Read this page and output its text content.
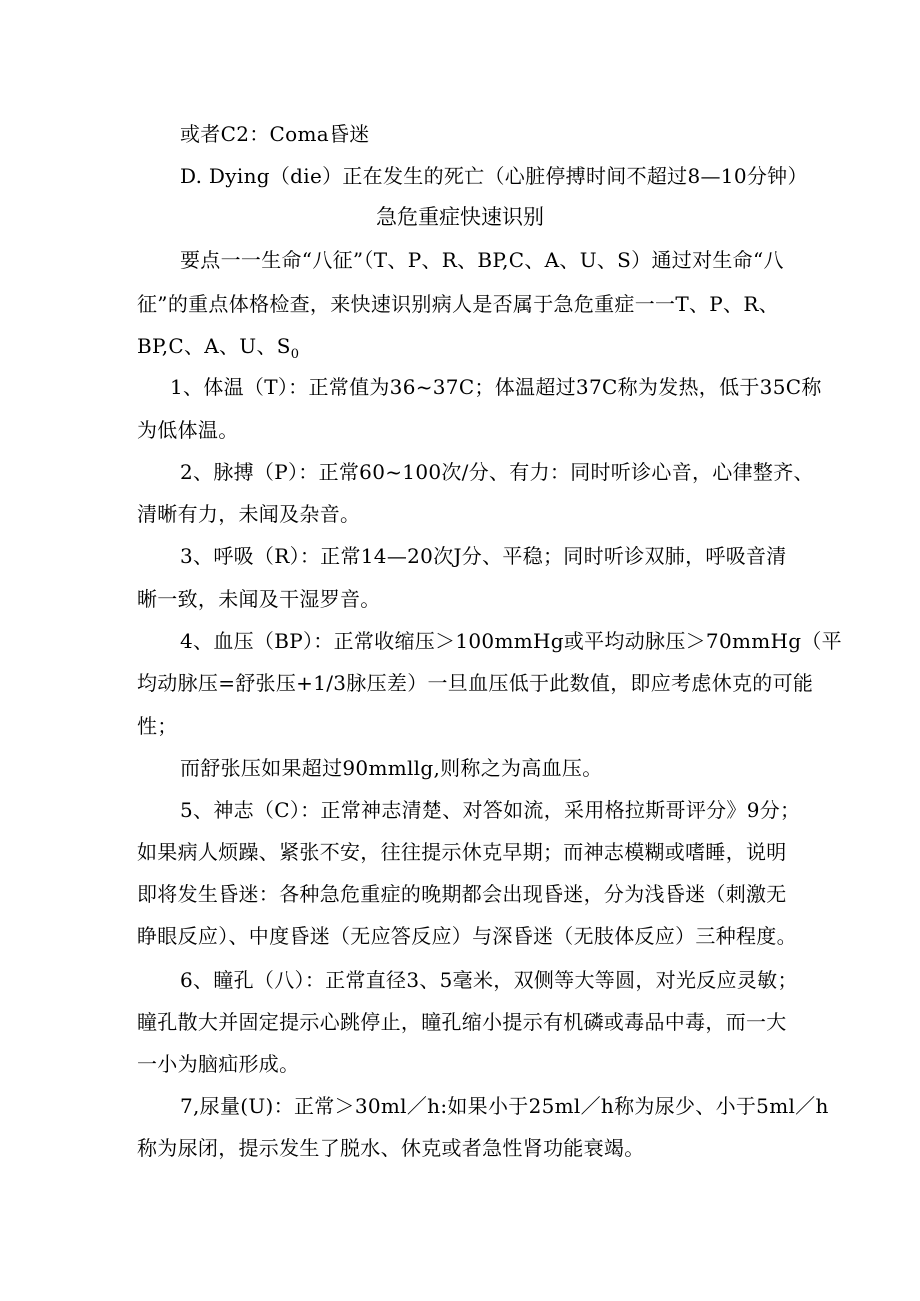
或者C2：Coma昏迷
D. Dying（die）正在发生的死亡（心脏停搏时间不超过8—10分钟）
急危重症快速识别
要点一一生命“八征”（T、P、R、BP,C、A、U、S）通过对生命“八
征”的重点体格检查，来快速识别病人是否属于急危重症一一T、P、R、
BP,C、A、U、$S_0$
1、体温（T）：正常值为36~37C；体温超过37C称为发热，低于35C称
为低体温。
2、脉搏（P）：正常60~100次/分、有力：同时听诊心音，心律整齐、
清晰有力，未闻及杂音。
3、呼吸（R）：正常14—20次J分、平稳；同时听诊双肺，呼吸音清
晰一致，未闻及干湿罗音。
4、血压（BP）：正常收缩压＞100mmHg或平均动脉压＞70mmHg（平
均动脉压=舒张压+1/3脉压差）一旦血压低于此数值，即应考虑休克的可能
性；
而舒张压如果超过90mmllg,则称之为高血压。
5、神志（C）：正常神志清楚、对答如流，采用格拉斯哥评分》9分；
如果病人烦躁、紧张不安，往往提示休克早期；而神志模糊或嗜睡，说明
即将发生昏迷：各种急危重症的晚期都会出现昏迷，分为浅昏迷（刺激无
睁眼反应）、中度昏迷（无应答反应）与深昏迷（无肢体反应）三种程度。
6、瞳孔（八）：正常直径3、5毫米，双侧等大等圆，对光反应灵敏；
瞳孔散大并固定提示心跳停止，瞳孔缩小提示有机磷或毒品中毒，而一大
一小为脑疝形成。
7,尿量(U)：正常＞30ml／h:如果小于25ml／h称为尿少、小于5ml／h
称为尿闭，提示发生了脱水、休克或者急性肾功能衰竭。
